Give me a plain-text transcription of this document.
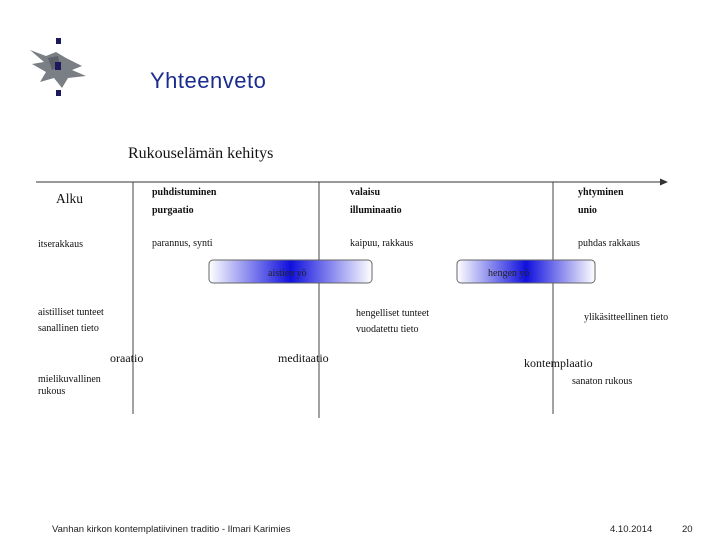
Yhteenveto
Rukouselämän kehitys
Alku	puhdistuminen
purgaatio
valaisu
illuminaatio
yhtyminen
unio
itserakkaus	parannus, synti	kaipuu, rakkaus	puhdas rakkaus
aistien yö	hengen yö
aistilliset tunteet
sanallinen tieto
hengelliset tunteet
vuodatettu tieto
ylikäsitteellinen tieto
oraatio	meditaatio	kontemplaatio
mielikuvallinen
rukous
sanaton rukous
Vanhan kirkon kontemplatiivinen traditio - Ilmari Karimies	4.10.2014	20
